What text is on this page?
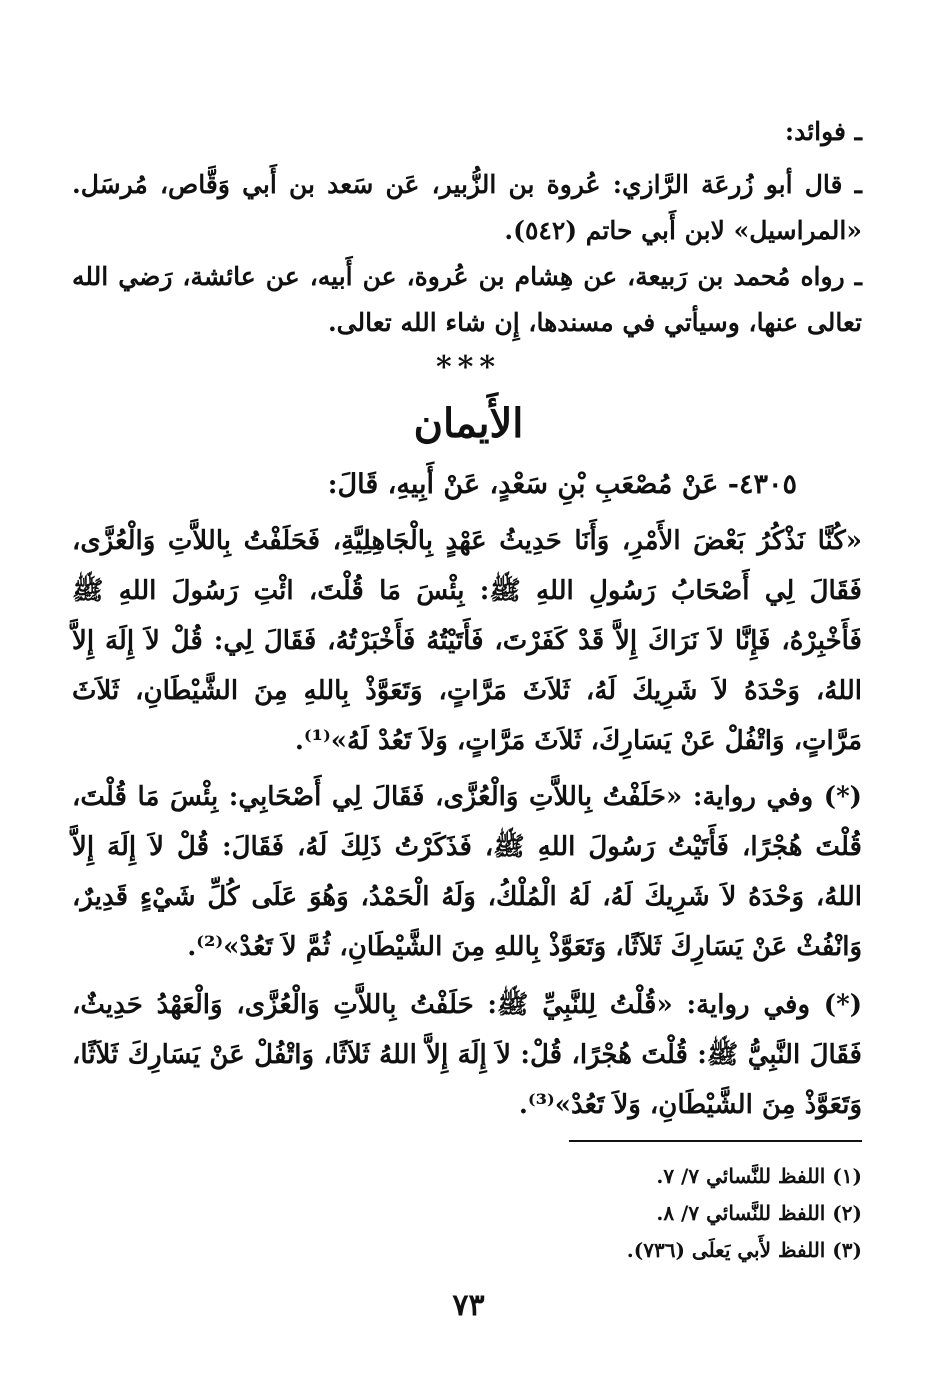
ـ فوائد:

ـ قال أبو زُرعَة الرَّازي: عُروة بن الزُّبير، عَن سَعد بن أَبي وَقَّاص، مُرسَل. «المراسيل» لابن أَبي حاتم (٥٤٢).

ـ رواه مُحمد بن رَبيعة، عن هِشام بن عُروة، عن أَبيه، عن عائشة، رَضي الله تعالى عنها، وسيأتي في مسندها، إِن شاء الله تعالى.

***
الأَيمان
٤٣٠٥- عَنْ مُصْعَبِ بْنِ سَعْدٍ، عَنْ أَبِيهِ، قَالَ:

«كُنَّا نَذْكُرُ بَعْضَ الأَمْرِ، وَأَنَا حَدِيثُ عَهْدٍ بِالْجَاهِلِيَّةِ، فَحَلَفْتُ بِاللاَّتِ وَالْعُزَّى، فَقَالَ لِي أَصْحَابُ رَسُولِ اللهِ ﷺ: بِئْسَ مَا قُلْتَ، ائْتِ رَسُولَ اللهِ ﷺ فَأَخْبِرْهُ، فَإِنَّا لاَ نَرَاكَ إِلاَّ قَدْ كَفَرْتَ، فَأَتَيْتُهُ فَأَخْبَرْتُهُ، فَقَالَ لِي: قُلْ لاَ إِلَهَ إِلاَّ اللهُ، وَحْدَهُ لاَ شَرِيكَ لَهُ، ثَلاَثَ مَرَّاتٍ، وَتَعَوَّذْ بِاللهِ مِنَ الشَّيْطَانِ، ثَلاَثَ مَرَّاتٍ، وَاتْفُلْ عَنْ يَسَارِكَ، ثَلاَثَ مَرَّاتٍ، وَلاَ تَعُدْ لَهُ»⁽¹⁾.

(*) وفي رواية: «حَلَفْتُ بِاللاَّتِ وَالْعُزَّى، فَقَالَ لِي أَصْحَابِي: بِئْسَ مَا قُلْتَ، قُلْتَ هُجْرًا، فَأَتَيْتُ رَسُولَ اللهِ ﷺ، فَذَكَرْتُ ذَلِكَ لَهُ، فَقَالَ: قُلْ لاَ إِلَهَ إِلاَّ اللهُ، وَحْدَهُ لاَ شَرِيكَ لَهُ، لَهُ الْمُلْكُ، وَلَهُ الْحَمْدُ، وَهُوَ عَلَى كُلِّ شَيْءٍ قَدِيرٌ، وَانْفُثْ عَنْ يَسَارِكَ ثَلاَثًا، وَتَعَوَّذْ بِاللهِ مِنَ الشَّيْطَانِ، ثُمَّ لاَ تَعُدْ»⁽²⁾.

(*) وفي رواية: «قُلْتُ لِلنَّبِيِّ ﷺ: حَلَفْتُ بِاللاَّتِ وَالْعُزَّى، وَالْعَهْدُ حَدِيثٌ، فَقَالَ النَّبِيُّ ﷺ: قُلْتَ هُجْرًا، قُلْ: لاَ إِلَهَ إِلاَّ اللهُ ثَلاَثًا، وَاتْفُلْ عَنْ يَسَارِكَ ثَلاَثًا، وَتَعَوَّذْ مِنَ الشَّيْطَانِ، وَلاَ تَعُدْ»⁽³⁾.

(١) اللفظ للنَّسائي ٧/ ٧.
(٢) اللفظ للنَّسائي ٧/ ٨.
(٣) اللفظ لأَبي يَعلَى (٧٣٦).
٧٣
